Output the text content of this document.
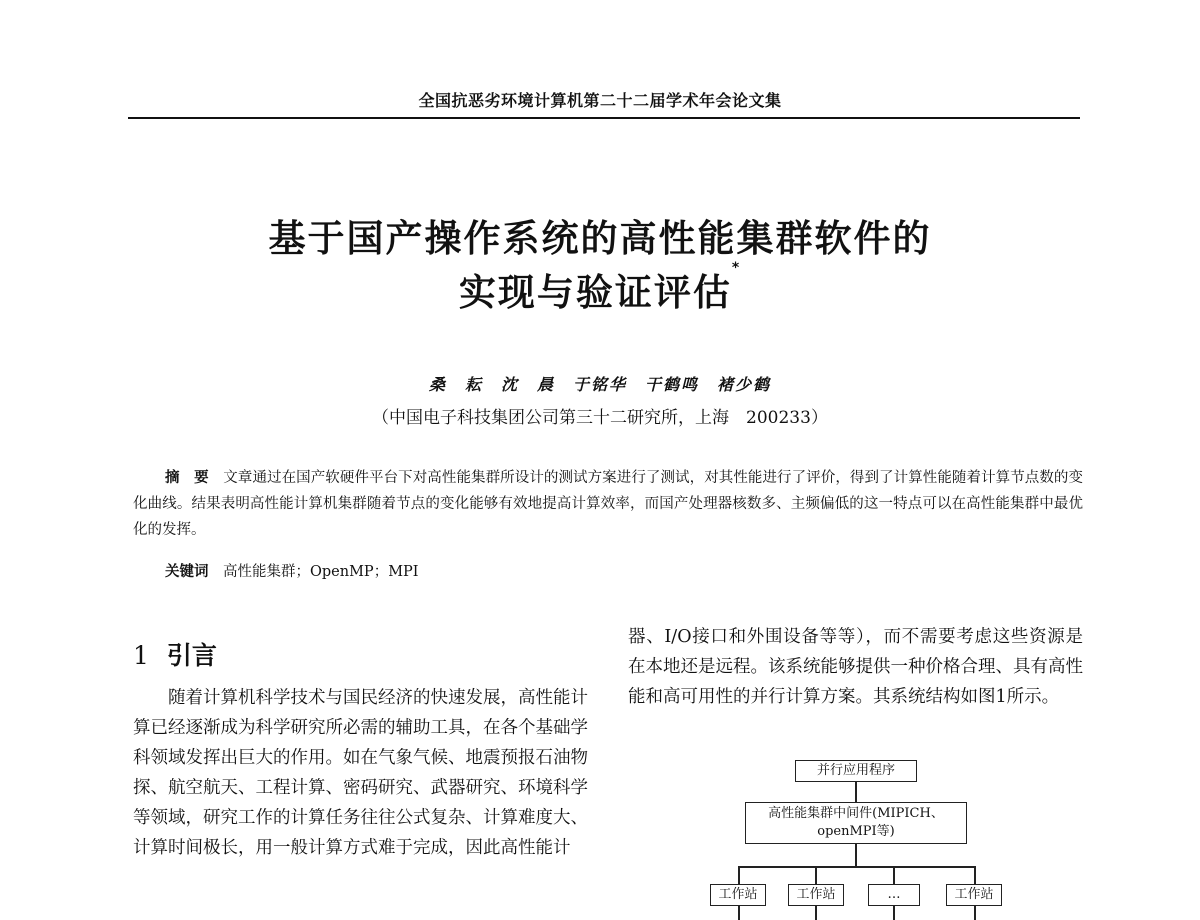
全国抗恶劣环境计算机第二十二届学术年会论文集
基于国产操作系统的高性能集群软件的
实现与验证评估*
桑　耘　沈　晨　于铭华　干鹤鸣　褚少鹤
（中国电子科技集团公司第三十二研究所，上海　200233）
摘　要　 文章通过在国产软硬件平台下对高性能集群所设计的测试方案进行了测试，对其性能进行了评价，得到了计算性能随着计算节点数的变化曲线。结果表明高性能计算机集群随着节点的变化能够有效地提高计算效率，而国产处理器核数多、主频偏低的这一特点可以在高性能集群中最优化的发挥。
关键词　 高性能集群；OpenMP；MPI
1 引言
随着计算机科学技术与国民经济的快速发展，高性能计算已经逐渐成为科学研究所必需的辅助工具，在各个基础学科领域发挥出巨大的作用。如在气象气候、地震预报石油物探、航空航天、工程计算、密码研究、武器研究、环境科学等领域，研究工作的计算任务往往公式复杂、计算难度大、计算时间极长，用一般计算方式难于完成，因此高性能计
器、I/O接口和外围设备等等），而不需要考虑这些资源是在本地还是远程。该系统能够提供一种价格合理、具有高性能和高可用性的并行计算方案。其系统结构如图1所示。
并行应用程序
高性能集群中间件(MIPICH、
openMPI等)
工作站	工作站	…	工作站
